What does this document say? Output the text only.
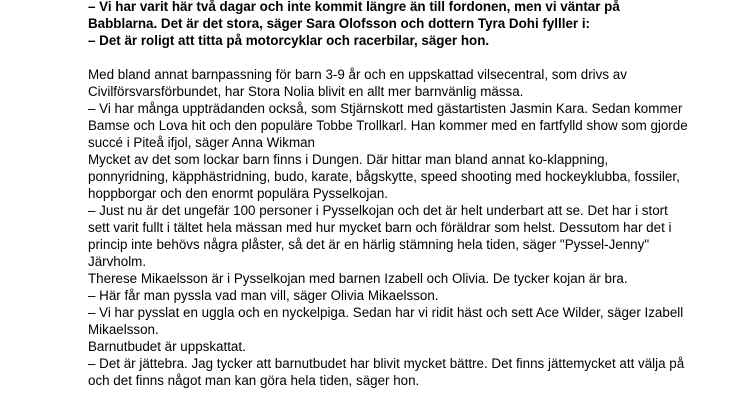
– Vi har varit här två dagar och inte kommit längre än till fordonen, men vi väntar på Babblarna. Det är det stora, säger Sara Olofsson och dottern Tyra Dohi fylller i:

– Det är roligt att titta på motorcyklar och racerbilar, säger hon.

Med bland annat barnpassning för barn 3-9 år och en uppskattad vilsecentral, som drivs av Civilförsvarsförbundet, har Stora Nolia blivit en allt mer barnvänlig mässa.

– Vi har många uppträdanden också, som Stjärnskott med gästartisten Jasmin Kara. Sedan kommer Bamse och Lova hit och den populäre Tobbe Trollkarl. Han kommer med en fartfylld show som gjorde succé i Piteå ifjol, säger Anna Wikman

Mycket av det som lockar barn finns i Dungen. Där hittar man bland annat ko-klappning, ponnyridning, käpphästridning, budo, karate, bågskytte, speed shooting med hockeyklubba, fossiler, hoppborgar och den enormt populära Pysselkojan.

– Just nu är det ungefär 100 personer i Pysselkojan och det är helt underbart att se. Det har i stort sett varit fullt i tältet hela mässan med hur mycket barn och föräldrar som helst. Dessutom har det i princip inte behövs några plåster, så det är en härlig stämning hela tiden, säger "Pyssel-Jenny" Järvholm.

Therese Mikaelsson är i Pysselkojan med barnen Izabell och Olivia. De tycker kojan är bra.

– Här får man pyssla vad man vill, säger Olivia Mikaelsson.

– Vi har pysslat en uggla och en nyckelpiga. Sedan har vi ridit häst och sett Ace Wilder, säger Izabell Mikaelsson.

Barnutbudet är uppskattat.

– Det är jättebra. Jag tycker att barnutbudet har blivit mycket bättre. Det finns jättemycket att välja på och det finns något man kan göra hela tiden, säger hon.
